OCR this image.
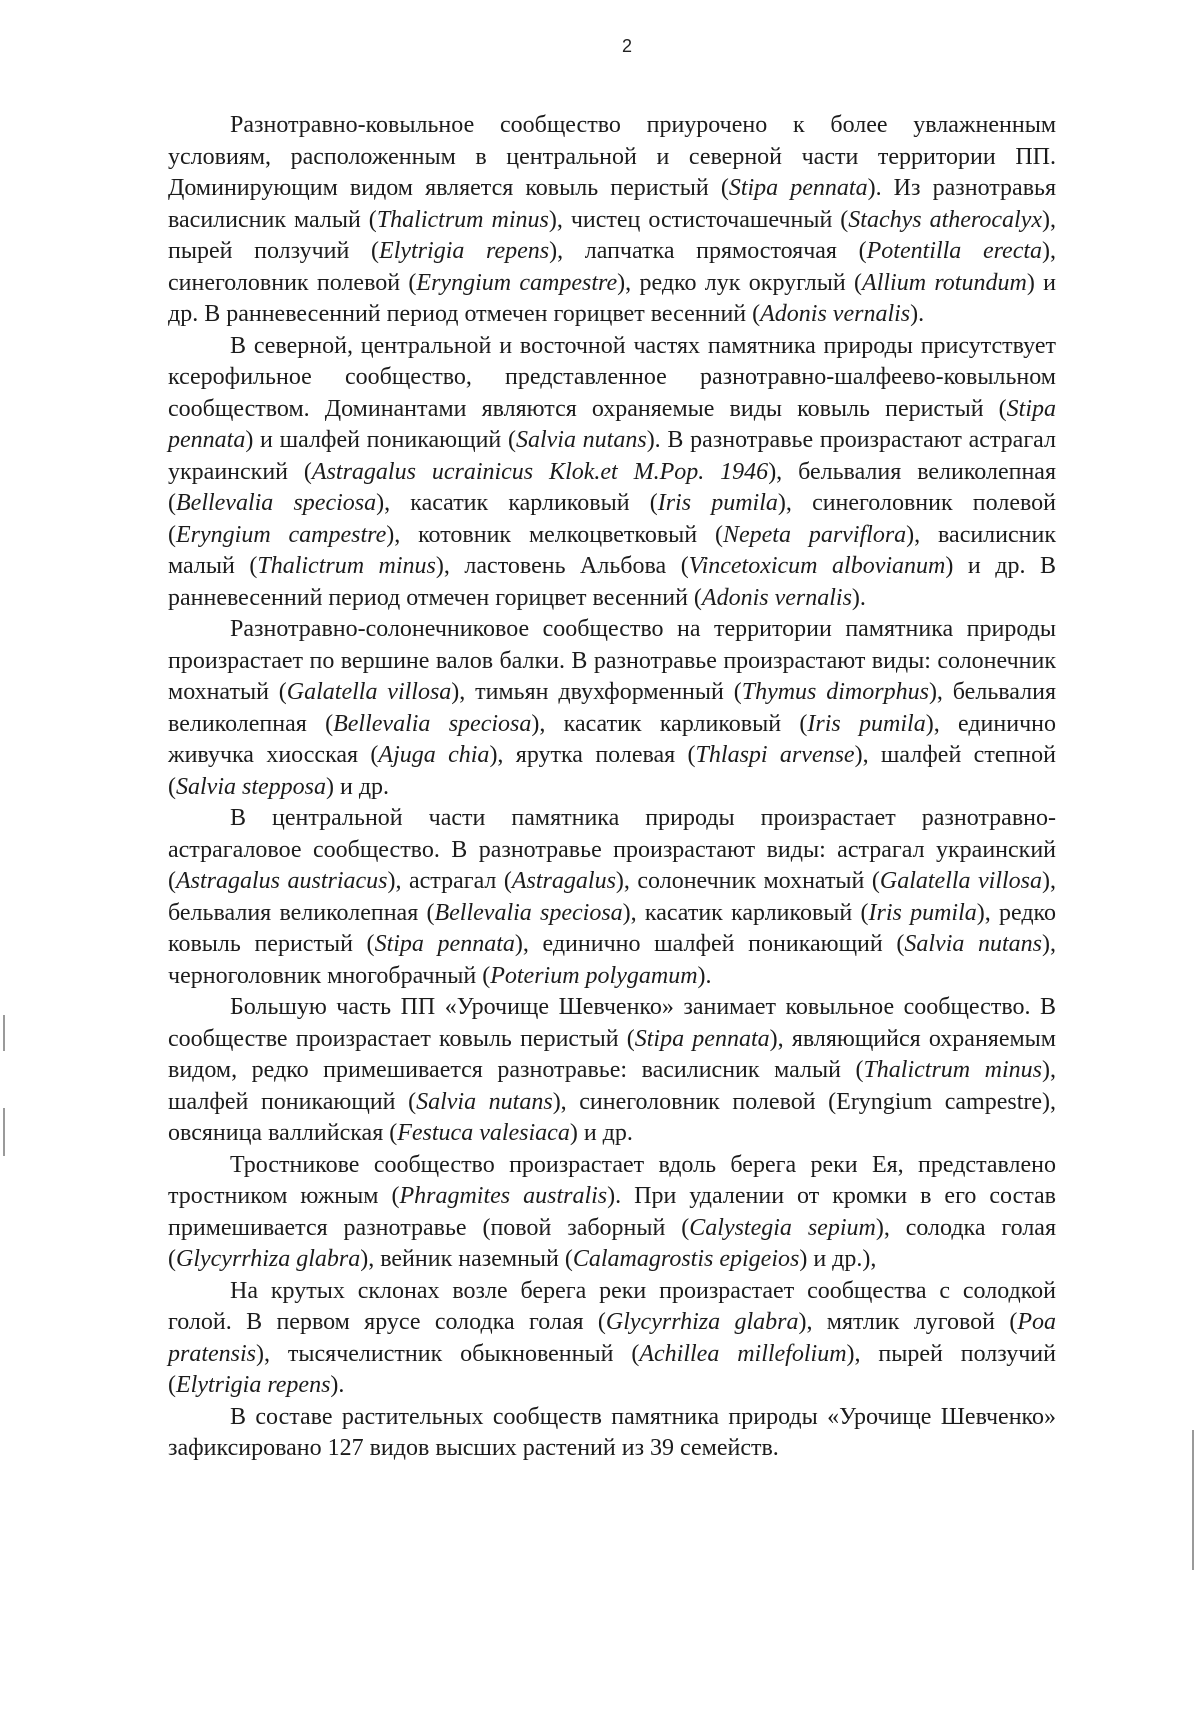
2

Разнотравно-ковыльное сообщество приурочено к более увлажненным условиям, расположенным в центральной и северной части территории ПП. Доминирующим видом является ковыль перистый (Stipa pennata). Из разнотравья василисник малый (Thalictrum minus), чистец остисточашечный (Stachys atherocalyx), пырей ползучий (Elytrigia repens), лапчатка прямостоячая (Potentilla erecta), синеголовник полевой (Eryngium campestre), редко лук округлый (Allium rotundum) и др. В ранневесенний период отмечен горицвет весенний (Adonis vernalis).

В северной, центральной и восточной частях памятника природы присутствует ксерофильное сообщество, представленное разнотравно-шалфеево-ковыльном сообществом. Доминантами являются охраняемые виды ковыль перистый (Stipa pennata) и шалфей поникающий (Salvia nutans). В разнотравье произрастают астрагал украинский (Astragalus ucrainicus Klok.et M.Pop. 1946), бельвалия великолепная (Bellevalia speciosa), касатик карликовый (Iris pumila), синеголовник полевой (Eryngium campestre), котовник мелкоцветковый (Nepeta parviflora), василисник малый (Thalictrum minus), ластовень Альбова (Vincetoxicum albovianum) и др. В ранневесенний период отмечен горицвет весенний (Adonis vernalis).

Разнотравно-солонечниковое сообщество на территории памятника природы произрастает по вершине валов балки. В разнотравье произрастают виды: солонечник мохнатый (Galatella villosa), тимьян двухформенный (Thymus dimorphus), бельвалия великолепная (Bellevalia speciosa), касатик карликовый (Iris pumila), единично живучка хиосская (Ajuga chia), ярутка полевая (Thlaspi arvense), шалфей степной (Salvia stepposa) и др.

В центральной части памятника природы произрастает разнотравно-астрагаловое сообщество. В разнотравье произрастают виды: астрагал украинский (Astragalus austriacus), астрагал (Astragalus), солонечник мохнатый (Galatella villosa), бельвалия великолепная (Bellevalia speciosa), касатик карликовый (Iris pumila), редко ковыль перистый (Stipa pennata), единично шалфей поникающий (Salvia nutans), черноголовник многобрачный (Poterium polygamum).

Большую часть ПП «Урочище Шевченко» занимает ковыльное сообщество. В сообществе произрастает ковыль перистый (Stipa pennata), являющийся охраняемым видом, редко примешивается разнотравье: василисник малый (Thalictrum minus), шалфей поникающий (Salvia nutans), синеголовник полевой (Eryngium campestre), овсяница валлийская (Festuca valesiaca) и др.

Тростникове сообщество произрастает вдоль берега реки Ея, представлено тростником южным (Phragmites australis). При удалении от кромки в его состав примешивается разнотравье (повой заборный (Calystegia sepium), солодка голая (Glycyrrhiza glabra), вейник наземный (Calamagrostis epigeios) и др.),

На крутых склонах возле берега реки произрастает сообщества с солодкой голой. В первом ярусе солодка голая (Glycyrrhiza glabra), мятлик луговой (Poa pratensis), тысячелистник обыкновенный (Achillea millefolium), пырей ползучий (Elytrigia repens).

В составе растительных сообществ памятника природы «Урочище Шевченко» зафиксировано 127 видов высших растений из 39 семейств.
